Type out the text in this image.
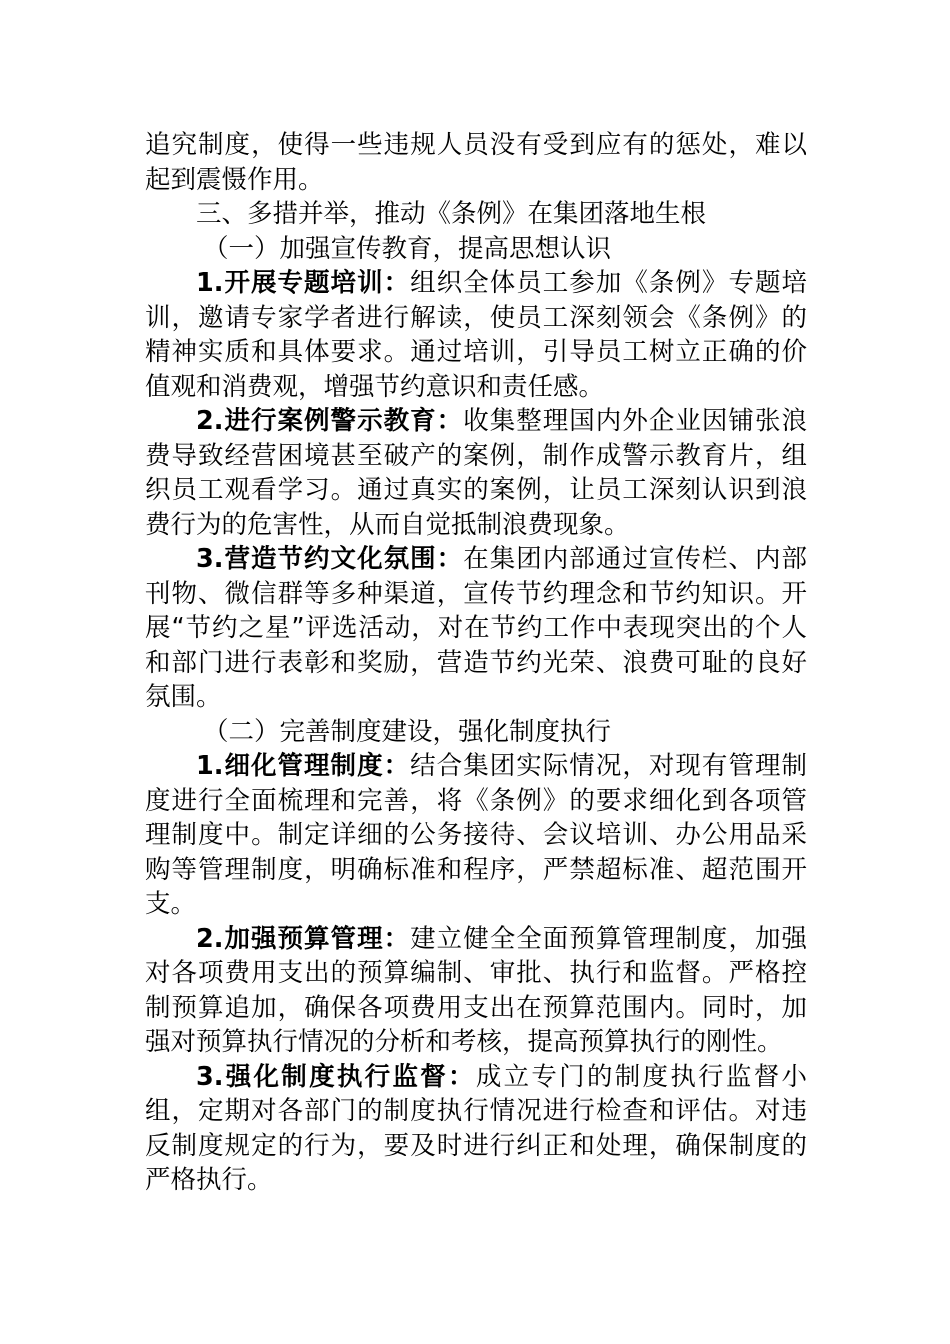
追究制度，使得一些违规人员没有受到应有的惩处，难以起到震慑作用。

三、多措并举，推动《条例》在集团落地生根

（一）加强宣传教育，提高思想认识

1.开展专题培训：组织全体员工参加《条例》专题培训，邀请专家学者进行解读，使员工深刻领会《条例》的精神实质和具体要求。通过培训，引导员工树立正确的价值观和消费观，增强节约意识和责任感。

2.进行案例警示教育：收集整理国内外企业因铺张浪费导致经营困境甚至破产的案例，制作成警示教育片，组织员工观看学习。通过真实的案例，让员工深刻认识到浪费行为的危害性，从而自觉抵制浪费现象。

3.营造节约文化氛围：在集团内部通过宣传栏、内部刊物、微信群等多种渠道，宣传节约理念和节约知识。开展“节约之星”评选活动，对在节约工作中表现突出的个人和部门进行表彰和奖励，营造节约光荣、浪费可耻的良好氛围。

（二）完善制度建设，强化制度执行

1.细化管理制度：结合集团实际情况，对现有管理制度进行全面梳理和完善，将《条例》的要求细化到各项管理制度中。制定详细的公务接待、会议培训、办公用品采购等管理制度，明确标准和程序，严禁超标准、超范围开支。

2.加强预算管理：建立健全全面预算管理制度，加强对各项费用支出的预算编制、审批、执行和监督。严格控制预算追加，确保各项费用支出在预算范围内。同时，加强对预算执行情况的分析和考核，提高预算执行的刚性。

3.强化制度执行监督：成立专门的制度执行监督小组，定期对各部门的制度执行情况进行检查和评估。对违反制度规定的行为，要及时进行纠正和处理，确保制度的严格执行。
